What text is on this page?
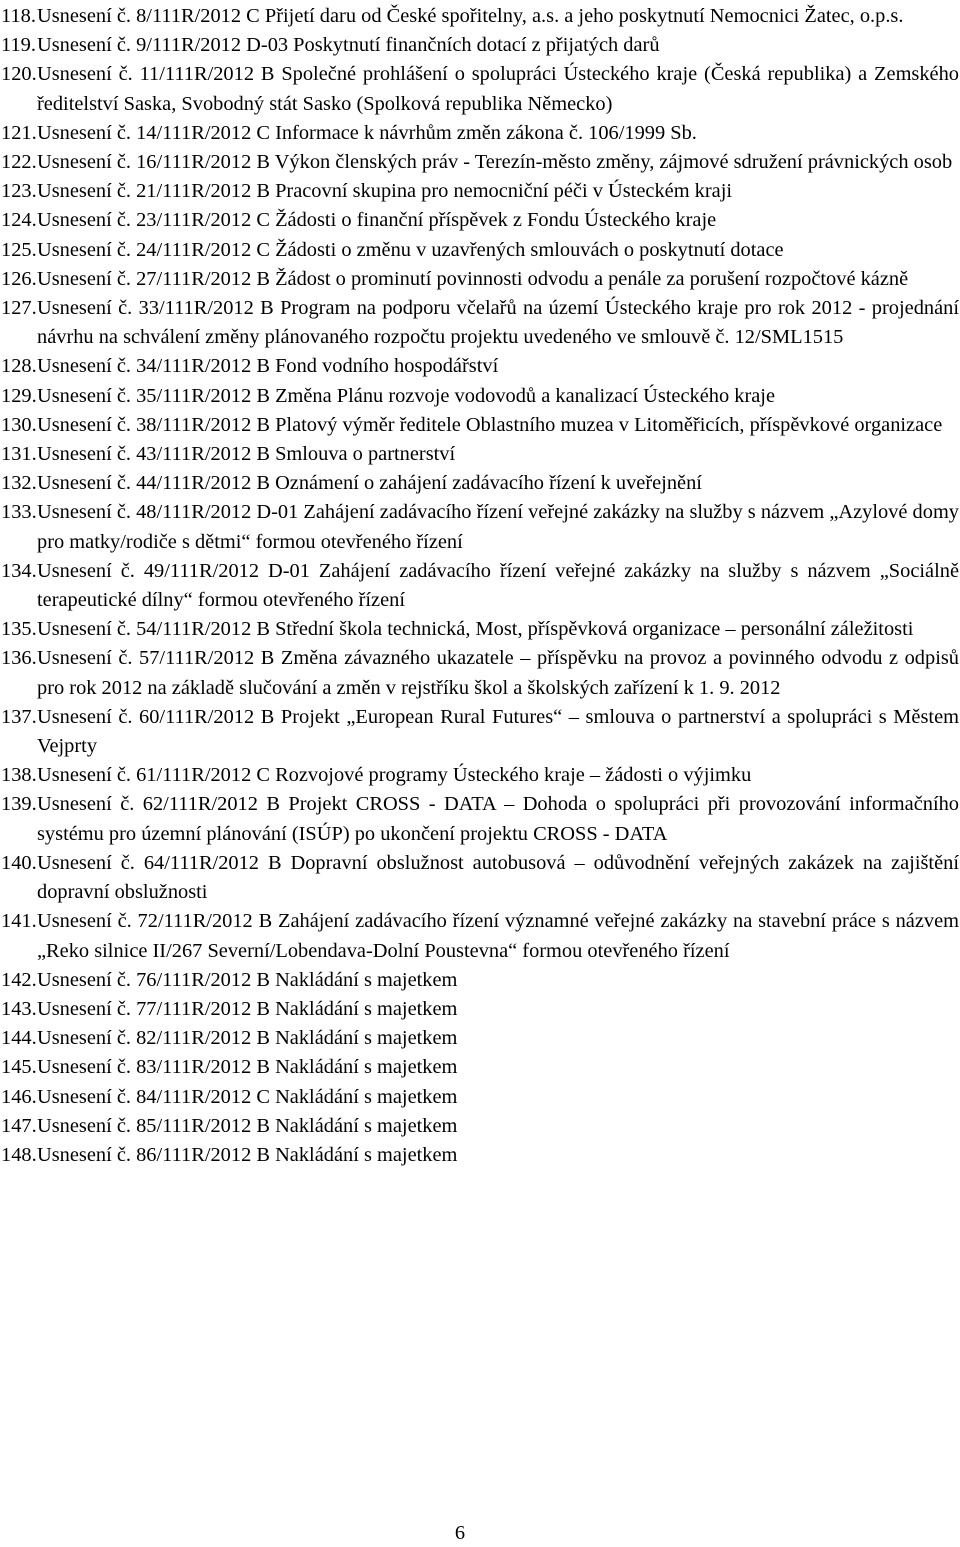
118. Usnesení č. 8/111R/2012 C Přijetí daru od České spořitelny, a.s. a jeho poskytnutí Nemocnici Žatec, o.p.s.
119. Usnesení č. 9/111R/2012 D-03 Poskytnutí finančních dotací z přijatých darů
120. Usnesení č. 11/111R/2012 B Společné prohlášení o spolupráci Ústeckého kraje (Česká republika) a Zemského ředitelství Saska, Svobodný stát Sasko (Spolková republika Německo)
121. Usnesení č. 14/111R/2012 C Informace k návrhům změn zákona č. 106/1999 Sb.
122. Usnesení č. 16/111R/2012 B Výkon členských práv - Terezín-město změny, zájmové sdružení právnických osob
123. Usnesení č. 21/111R/2012 B Pracovní skupina pro nemocniční péči v Ústeckém kraji
124. Usnesení č. 23/111R/2012 C Žádosti o finanční příspěvek z Fondu Ústeckého kraje
125. Usnesení č. 24/111R/2012 C Žádosti o změnu v uzavřených smlouvách o poskytnutí dotace
126. Usnesení č. 27/111R/2012 B Žádost o prominutí povinnosti odvodu a penále za porušení rozpočtové kázně
127. Usnesení č. 33/111R/2012 B Program na podporu včelařů na území Ústeckého kraje pro rok 2012 - projednání návrhu na schválení změny plánovaného rozpočtu projektu uvedeného ve smlouvě č. 12/SML1515
128. Usnesení č. 34/111R/2012 B Fond vodního hospodářství
129. Usnesení č. 35/111R/2012 B Změna Plánu rozvoje vodovodů a kanalizací Ústeckého kraje
130. Usnesení č. 38/111R/2012 B Platový výměr ředitele Oblastního muzea v Litoměřicích, příspěvkové organizace
131. Usnesení č. 43/111R/2012 B Smlouva o partnerství
132. Usnesení č. 44/111R/2012 B Oznámení o zahájení zadávacího řízení k uveřejnění
133. Usnesení č. 48/111R/2012 D-01 Zahájení zadávacího řízení veřejné zakázky na služby s názvem „Azylové domy pro matky/rodiče s dětmi“ formou otevřeného řízení
134. Usnesení č. 49/111R/2012 D-01 Zahájení zadávacího řízení veřejné zakázky na služby s názvem „Sociálně terapeutické dílny“ formou otevřeného řízení
135. Usnesení č. 54/111R/2012 B Střední škola technická, Most, příspěvková organizace – personální záležitosti
136. Usnesení č. 57/111R/2012 B Změna závazného ukazatele – příspěvku na provoz a povinného odvodu z odpisů pro rok 2012 na základě slučování a změn v rejstříku škol a školských zařízení k 1. 9. 2012
137. Usnesení č. 60/111R/2012 B Projekt „European Rural Futures“ – smlouva o partnerství a spolupráci s Městem Vejprty
138. Usnesení č. 61/111R/2012 C Rozvojové programy Ústeckého kraje – žádosti o výjimku
139. Usnesení č. 62/111R/2012 B Projekt CROSS - DATA – Dohoda o spolupráci při provozování informačního systému pro územní plánování (ISÚP) po ukončení projektu CROSS - DATA
140. Usnesení č. 64/111R/2012 B Dopravní obslužnost autobusová – odůvodnění veřejných zakázek na zajištění dopravní obslužnosti
141. Usnesení č. 72/111R/2012 B Zahájení zadávacího řízení významné veřejné zakázky na stavební práce s názvem „Reko silnice II/267 Severní/Lobendava-Dolní Poustevna“ formou otevřeného řízení
142. Usnesení č. 76/111R/2012 B Nakládání s majetkem
143. Usnesení č. 77/111R/2012 B Nakládání s majetkem
144. Usnesení č. 82/111R/2012 B Nakládání s majetkem
145. Usnesení č. 83/111R/2012 B Nakládání s majetkem
146. Usnesení č. 84/111R/2012 C Nakládání s majetkem
147. Usnesení č. 85/111R/2012 B Nakládání s majetkem
148. Usnesení č. 86/111R/2012 B Nakládání s majetkem
6
